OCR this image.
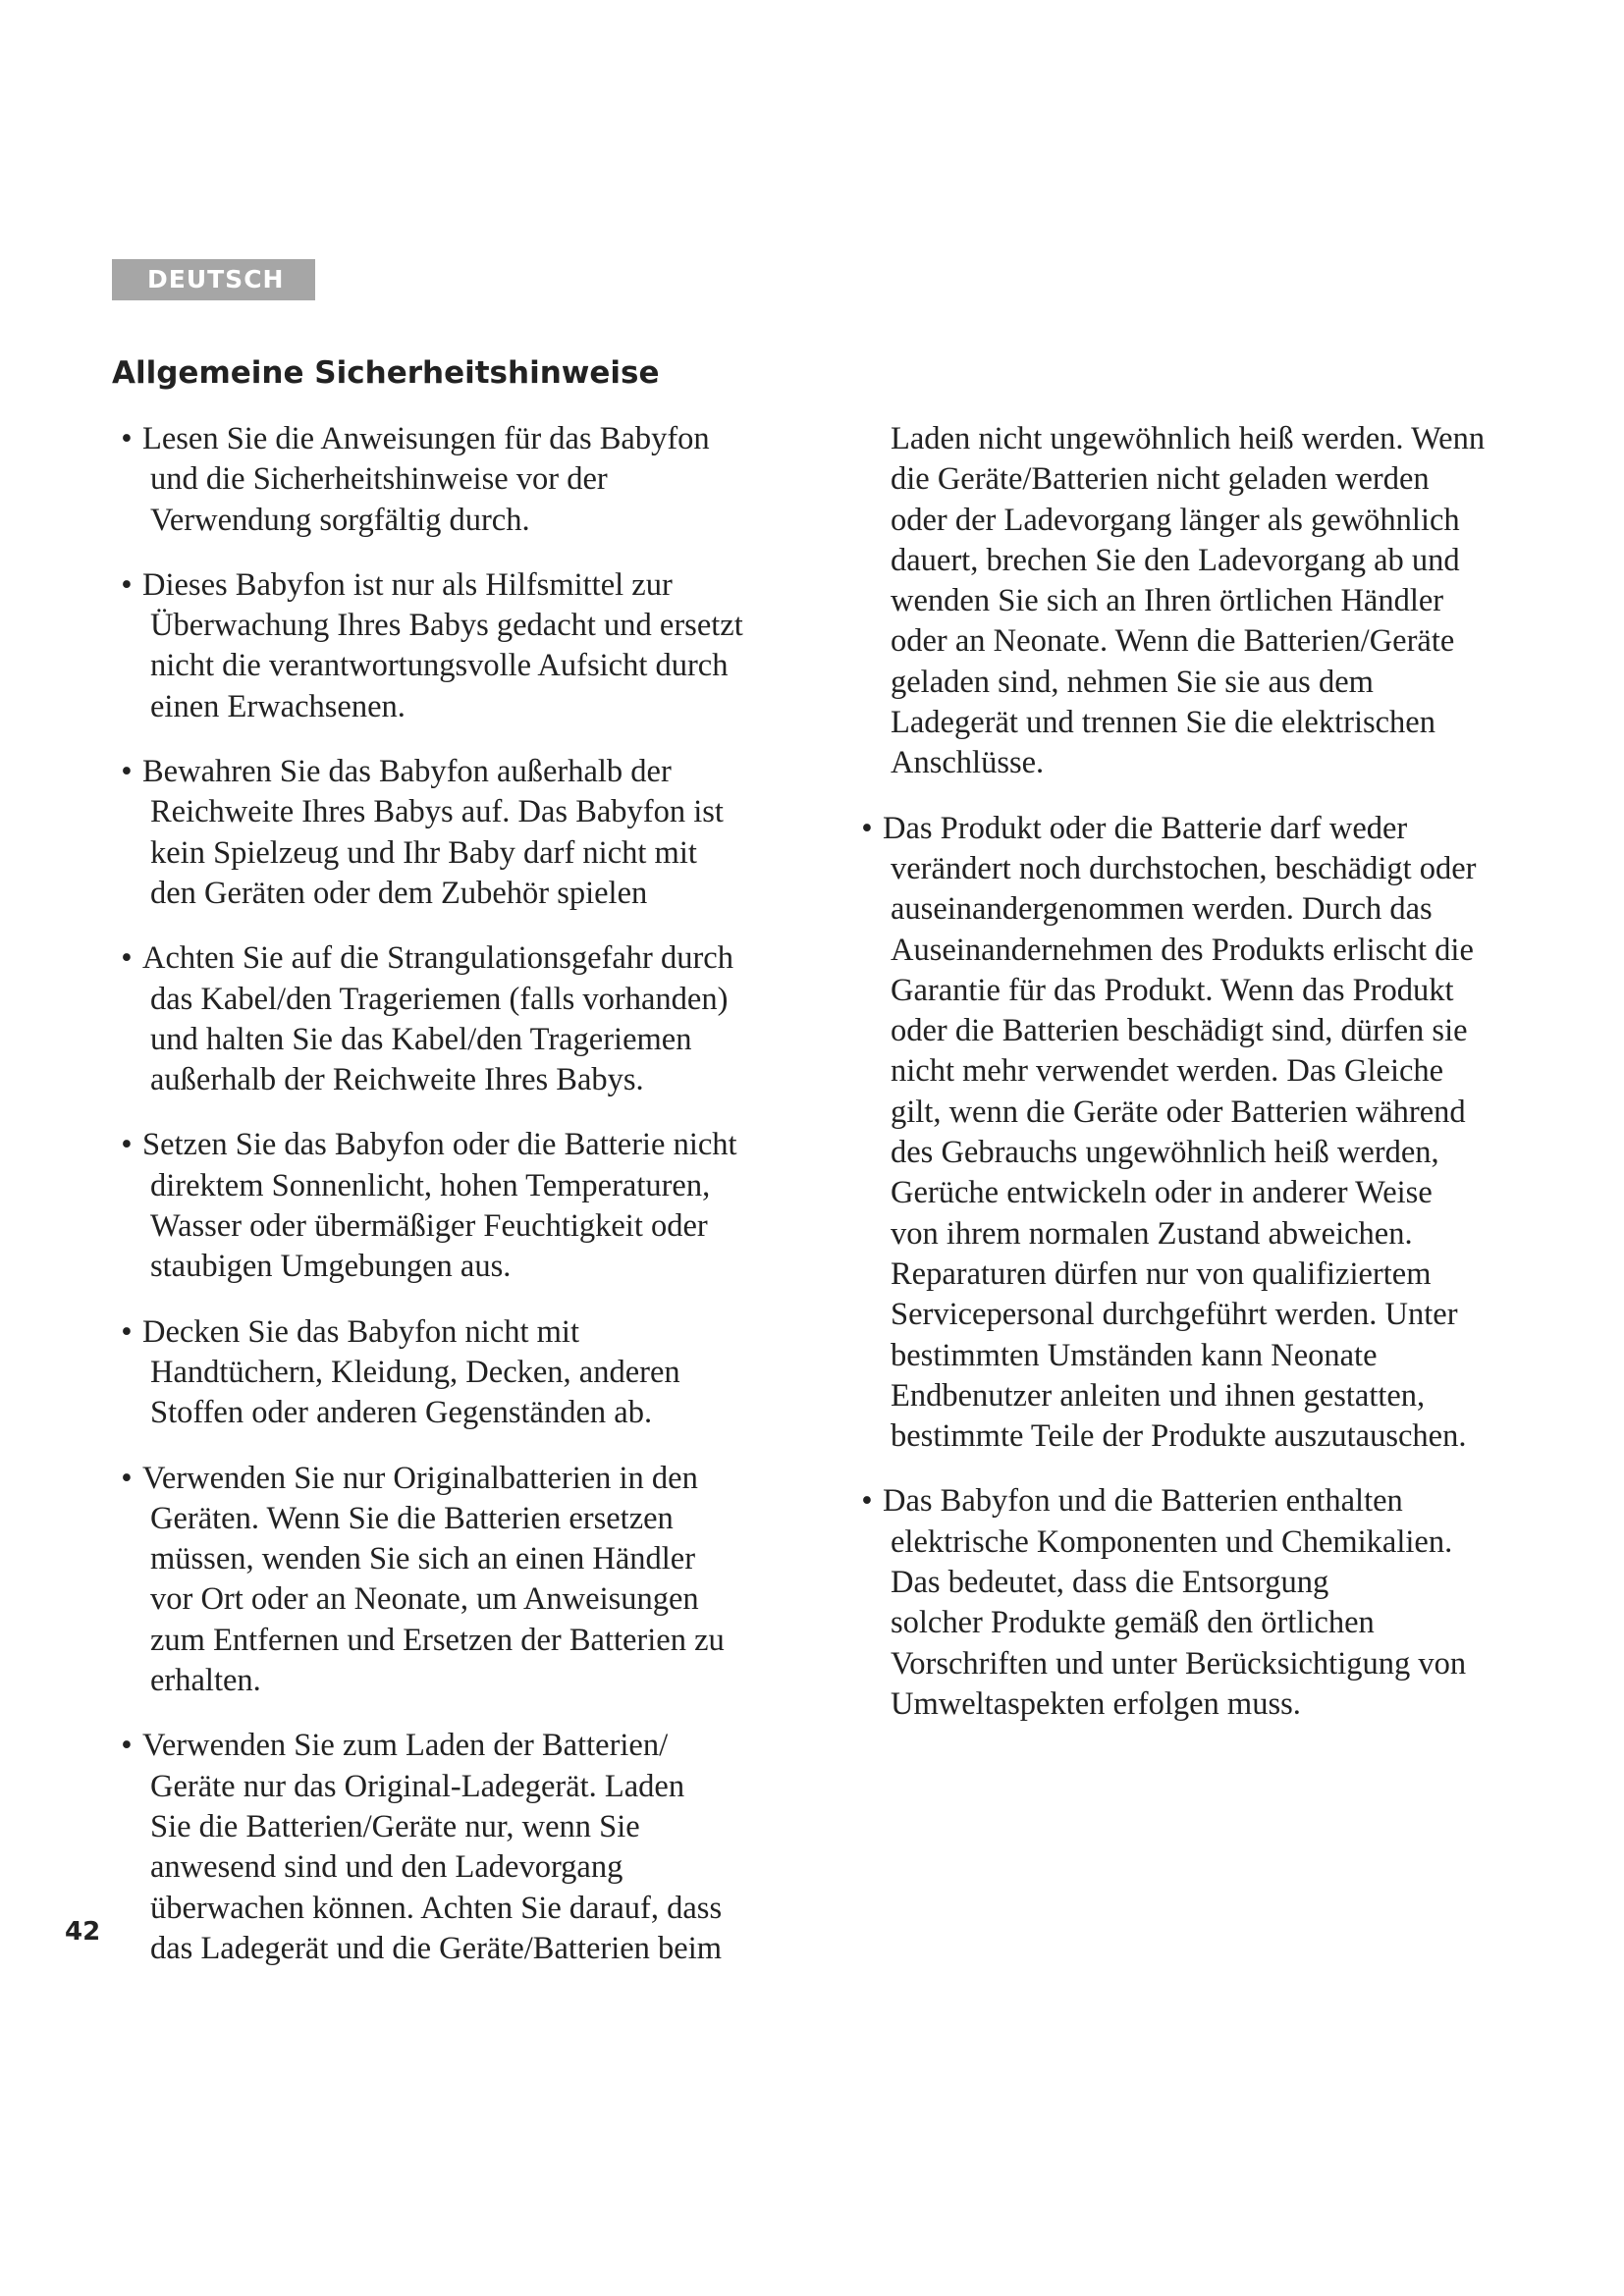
DEUTSCH
Allgemeine Sicherheitshinweise
• Lesen Sie die Anweisungen für das Babyfon
und die Sicherheitshinweise vor der
Verwendung sorgfältig durch.
• Dieses Babyfon ist nur als Hilfsmittel zur
Überwachung Ihres Babys gedacht und ersetzt
nicht die verantwortungsvolle Aufsicht durch
einen Erwachsenen.
• Bewahren Sie das Babyfon außerhalb der
Reichweite Ihres Babys auf. Das Babyfon ist
kein Spielzeug und Ihr Baby darf nicht mit
den Geräten oder dem Zubehör spielen
• Achten Sie auf die Strangulationsgefahr durch
das Kabel/den Trageriemen (falls vorhanden)
und halten Sie das Kabel/den Trageriemen
außerhalb der Reichweite Ihres Babys.
• Setzen Sie das Babyfon oder die Batterie nicht
direktem Sonnenlicht, hohen Temperaturen,
Wasser oder übermäßiger Feuchtigkeit oder
staubigen Umgebungen aus.
• Decken Sie das Babyfon nicht mit
Handtüchern, Kleidung, Decken, anderen
Stoffen oder anderen Gegenständen ab.
• Verwenden Sie nur Originalbatterien in den
Geräten. Wenn Sie die Batterien ersetzen
müssen, wenden Sie sich an einen Händler
vor Ort oder an Neonate, um Anweisungen
zum Entfernen und Ersetzen der Batterien zu
erhalten.
• Verwenden Sie zum Laden der Batterien/
Geräte nur das Original-Ladegerät. Laden
Sie die Batterien/Geräte nur, wenn Sie
anwesend sind und den Ladevorgang
überwachen können. Achten Sie darauf, dass
das Ladegerät und die Geräte/Batterien beim
Laden nicht ungewöhnlich heiß werden. Wenn
die Geräte/Batterien nicht geladen werden
oder der Ladevorgang länger als gewöhnlich
dauert, brechen Sie den Ladevorgang ab und
wenden Sie sich an Ihren örtlichen Händler
oder an Neonate. Wenn die Batterien/Geräte
geladen sind, nehmen Sie sie aus dem
Ladegerät und trennen Sie die elektrischen
Anschlüsse.
• Das Produkt oder die Batterie darf weder
verändert noch durchstochen, beschädigt oder
auseinandergenommen werden. Durch das
Auseinandernehmen des Produkts erlischt die
Garantie für das Produkt. Wenn das Produkt
oder die Batterien beschädigt sind, dürfen sie
nicht mehr verwendet werden. Das Gleiche
gilt, wenn die Geräte oder Batterien während
des Gebrauchs ungewöhnlich heiß werden,
Gerüche entwickeln oder in anderer Weise
von ihrem normalen Zustand abweichen.
Reparaturen dürfen nur von qualifiziertem
Servicepersonal durchgeführt werden. Unter
bestimmten Umständen kann Neonate
Endbenutzer anleiten und ihnen gestatten,
bestimmte Teile der Produkte auszutauschen.
• Das Babyfon und die Batterien enthalten
elektrische Komponenten und Chemikalien.
Das bedeutet, dass die Entsorgung
solcher Produkte gemäß den örtlichen
Vorschriften und unter Berücksichtigung von
Umweltaspekten erfolgen muss.
42
